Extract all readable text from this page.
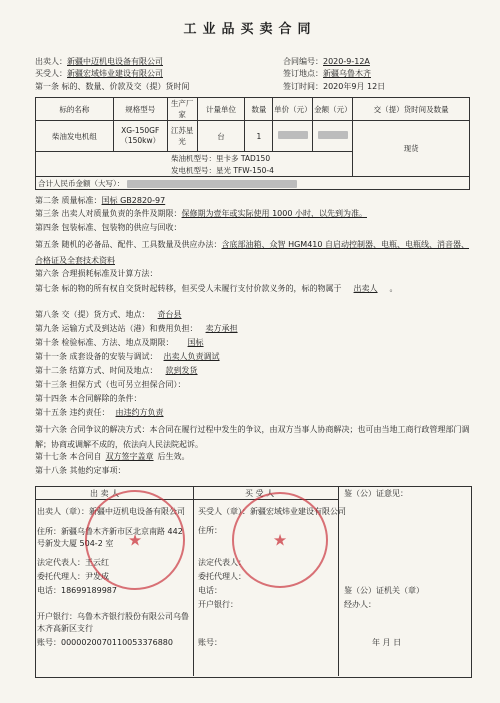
工业品买卖合同
出卖人：新疆中迈机电设备有限公司	合同编号：2020-9-12A
买受人：新疆宏域炜业建设有限公司	签订地点：新疆乌鲁木齐
第一条 标的、数量、价款及交（提）货时间	签订时间：2020年9月 12日
标的名称	规格型号	生产厂家	计量单位	数量	单价（元）	金额（元）	交（提）货时间及数量
柴油发电机组	XG-150GF（150kw）	江苏星光	台	1			现货
柴油机型号：里卡多 TAD150							
发电机型号：星光 TFW-150-4							
合计人民币金额（大写）：							
第二条 质量标准：国标 GB2820-97
第三条 出卖人对质量负责的条件及期限：保修期为壹年或实际使用 1000 小时，以先到为准。
第四条 包装标准、包装物的供应与回收：
第五条 随机的必备品、配件、工具数量及供应办法：含底部油箱、众智 HGM410 自启动控制器、电瓶、电瓶线、消音器、合格证及全套技术资料
第六条 合理损耗标准及计算方法：
第七条 标的物的所有权自交货时起转移，但买受人未履行支付价款义务的，标的物属于 出卖人 。
第八条 交（提）货方式、地点： 奇台县
第九条 运输方式及到达站（港）和费用负担： 卖方承担
第十条 检验标准、方法、地点及期限： 国标
第十一条 成套设备的安装与调试： 出卖人负责调试
第十二条 结算方式、时间及地点： 款到发货
第十三条 担保方式（也可另立担保合同）：
第十四条 本合同解除的条件：
第十五条 违约责任： 由违约方负责
第十六条 合同争议的解决方式：本合同在履行过程中发生的争议，由双方当事人协商解决；也可由当地工商行政管理部门调解；协商或调解不成的，依法向人民法院起诉。
第十七条 本合同自 双方签字盖章 后生效。
第十八条 其他约定事项：
出 卖 人	买 受 人	鉴（公）证意见：
出卖人（章）：新疆中迈机电设备有限公司
住所：新疆乌鲁木齐新市区北京南路 442 号新发大厦 504-2 室
法定代表人：王云红
委托代理人：尹发成
电话：18699189987
开户银行：乌鲁木齐银行股份有限公司乌鲁木齐高新区支行
账号：0000020070110053376880
买受人（章）：新疆宏域炜业建设有限公司
住所：
法定代表人：
委托代理人：
电话：
开户银行：
账号：
鉴（公）证机关（章）
经办人：
年 月 日
★	★
